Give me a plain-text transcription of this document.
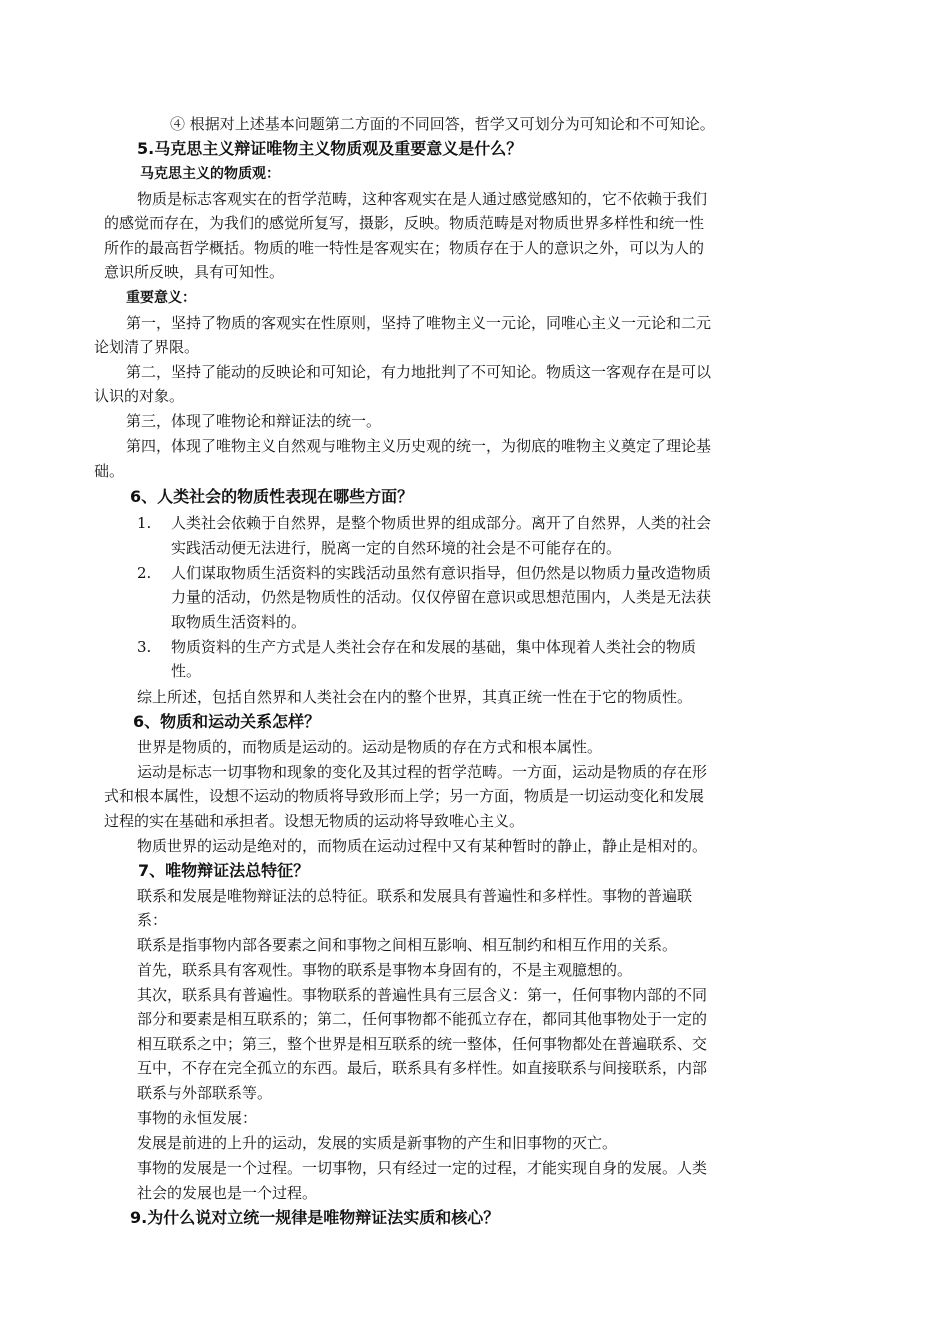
④ 根据对上述基本问题第二方面的不同回答，哲学又可划分为可知论和不可知论。
5.马克思主义辩证唯物主义物质观及重要意义是什么？
马克思主义的物质观：
物质是标志客观实在的哲学范畴，这种客观实在是人通过感觉感知的，它不依赖于我们
的感觉而存在，为我们的感觉所复写，摄影，反映。物质范畴是对物质世界多样性和统一性
所作的最高哲学概括。物质的唯一特性是客观实在；物质存在于人的意识之外，可以为人的
意识所反映，具有可知性。
重要意义：
第一，坚持了物质的客观实在性原则，坚持了唯物主义一元论，同唯心主义一元论和二元
论划清了界限。
第二，坚持了能动的反映论和可知论，有力地批判了不可知论。物质这一客观存在是可以
认识的对象。
第三，体现了唯物论和辩证法的统一。
第四，体现了唯物主义自然观与唯物主义历史观的统一，为彻底的唯物主义奠定了理论基
础。
6、人类社会的物质性表现在哪些方面？
1. 人类社会依赖于自然界，是整个物质世界的组成部分。离开了自然界，人类的社会
实践活动便无法进行，脱离一定的自然环境的社会是不可能存在的。
2. 人们谋取物质生活资料的实践活动虽然有意识指导，但仍然是以物质力量改造物质
力量的活动，仍然是物质性的活动。仅仅停留在意识或思想范围内，人类是无法获
取物质生活资料的。
3. 物质资料的生产方式是人类社会存在和发展的基础，集中体现着人类社会的物质
性。
综上所述，包括自然界和人类社会在内的整个世界，其真正统一性在于它的物质性。
6、物质和运动关系怎样？
世界是物质的，而物质是运动的。运动是物质的存在方式和根本属性。
运动是标志一切事物和现象的变化及其过程的哲学范畴。一方面，运动是物质的存在形
式和根本属性，设想不运动的物质将导致形而上学；另一方面，物质是一切运动变化和发展
过程的实在基础和承担者。设想无物质的运动将导致唯心主义。
物质世界的运动是绝对的，而物质在运动过程中又有某种暂时的静止，静止是相对的。
7、唯物辩证法总特征？
联系和发展是唯物辩证法的总特征。联系和发展具有普遍性和多样性。事物的普遍联
系：
联系是指事物内部各要素之间和事物之间相互影响、相互制约和相互作用的关系。
首先，联系具有客观性。事物的联系是事物本身固有的，不是主观臆想的。
其次，联系具有普遍性。事物联系的普遍性具有三层含义：第一，任何事物内部的不同
部分和要素是相互联系的；第二，任何事物都不能孤立存在，都同其他事物处于一定的
相互联系之中；第三，整个世界是相互联系的统一整体，任何事物都处在普遍联系、交
互中，不存在完全孤立的东西。最后，联系具有多样性。如直接联系与间接联系，内部
联系与外部联系等。
事物的永恒发展：
发展是前进的上升的运动，发展的实质是新事物的产生和旧事物的灭亡。
事物的发展是一个过程。一切事物，只有经过一定的过程，才能实现自身的发展。人类
社会的发展也是一个过程。
9.为什么说对立统一规律是唯物辩证法实质和核心？
